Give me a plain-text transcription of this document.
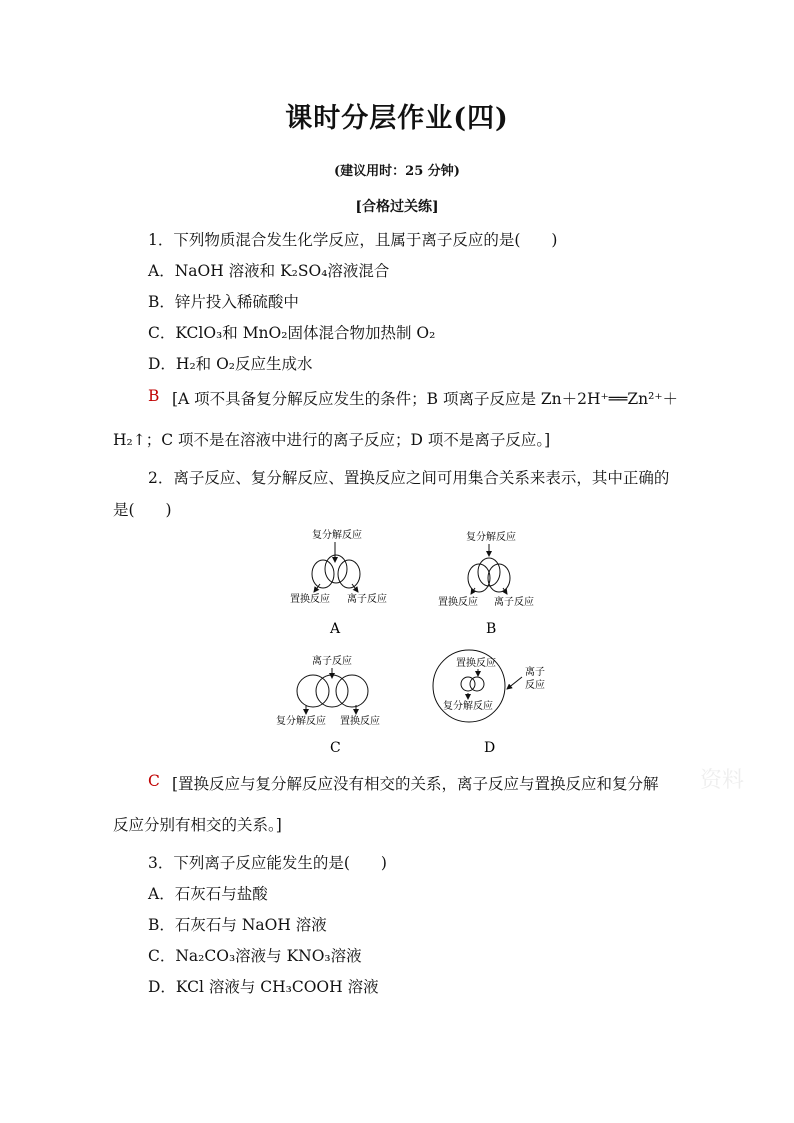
课时分层作业(四)
(建议用时：25 分钟)
[合格过关练]
1．下列物质混合发生化学反应，且属于离子反应的是(　　)
A．NaOH 溶液和 K₂SO₄溶液混合
B．锌片投入稀硫酸中
C．KClO₃和 MnO₂固体混合物加热制 O₂
D．H₂和 O₂反应生成水
B [A 项不具备复分解反应发生的条件；B 项离子反应是 Zn＋2H⁺══Zn²⁺＋
H₂↑；C 项不是在溶液中进行的离子反应；D 项不是离子反应。]
2．离子反应、复分解反应、置换反应之间可用集合关系来表示，其中正确的
是(　　)
复分解反应
置换反应 离子反应
A
复分解反应
置换反应 离子反应
B
离子反应
复分解反应 置换反应
C
置换反应
复分解反应
离子
反应
D
C [置换反应与复分解反应没有相交的关系，离子反应与置换反应和复分解
反应分别有相交的关系。]
资料
3．下列离子反应能发生的是(　　)
A．石灰石与盐酸
B．石灰石与 NaOH 溶液
C．Na₂CO₃溶液与 KNO₃溶液
D．KCl 溶液与 CH₃COOH 溶液
